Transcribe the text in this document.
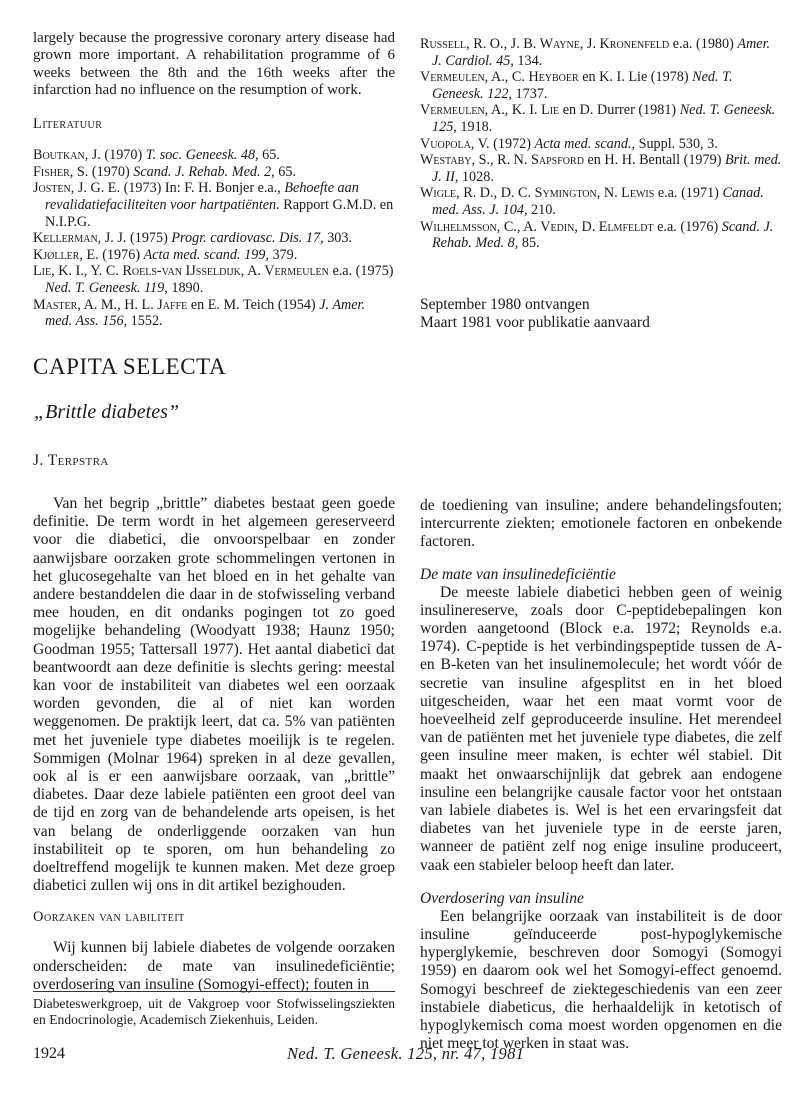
largely because the progressive coronary artery disease had grown more important. A rehabilitation programme of 6 weeks between the 8th and the 16th weeks after the infarction had no influence on the resumption of work.

Literatuur

Boutkan, J. (1970) T. soc. Geneesk. 48, 65.

Fisher, S. (1970) Scand. J. Rehab. Med. 2, 65.

Josten, J. G. E. (1973) In: F. H. Bonjer e.a., Behoefte aan revalidatiefaciliteiten voor hartpatiënten. Rapport G.M.D. en N.I.P.G.

Kellerman, J. J. (1975) Progr. cardiovasc. Dis. 17, 303.

Kjøller, E. (1976) Acta med. scand. 199, 379.

Lie, K. I., Y. C. Roels-van IJsseldijk, A. Vermeulen e.a. (1975) Ned. T. Geneesk. 119, 1890.

Master, A. M., H. L. Jaffe en E. M. Teich (1954) J. Amer. med. Ass. 156, 1552.

Russell, R. O., J. B. Wayne, J. Kronenfeld e.a. (1980) Amer. J. Cardiol. 45, 134.

Vermeulen, A., C. Heyboer en K. I. Lie (1978) Ned. T. Geneesk. 122, 1737.

Vermeulen, A., K. I. Lie en D. Durrer (1981) Ned. T. Geneesk. 125, 1918.

Vuopola, V. (1972) Acta med. scand., Suppl. 530, 3.

Westaby, S., R. N. Sapsford en H. H. Bentall (1979) Brit. med. J. II, 1028.

Wigle, R. D., D. C. Symington, N. Lewis e.a. (1971) Canad. med. Ass. J. 104, 210.

Wilhelmsson, C., A. Vedin, D. Elmfeldt e.a. (1976) Scand. J. Rehab. Med. 8, 85.

September 1980 ontvangen

Maart 1981 voor publikatie aanvaard

CAPITA SELECTA
„Brittle diabetes”
J. Terpstra

Van het begrip „brittle” diabetes bestaat geen goede definitie. De term wordt in het algemeen gereserveerd voor die diabetici, die onvoorspelbaar en zonder aanwijsbare oorzaken grote schommelingen vertonen in het glucosegehalte van het bloed en in het gehalte van andere bestanddelen die daar in de stofwisseling verband mee houden, en dit ondanks pogingen tot zo goed mogelijke behandeling (Woodyatt 1938; Haunz 1950; Goodman 1955; Tattersall 1977). Het aantal diabetici dat beantwoordt aan deze definitie is slechts gering: meestal kan voor de instabiliteit van diabetes wel een oorzaak worden gevonden, die al of niet kan worden weggenomen. De praktijk leert, dat ca. 5% van patiënten met het juveniele type diabetes moeilijk is te regelen. Sommigen (Molnar 1964) spreken in al deze gevallen, ook al is er een aanwijsbare oorzaak, van „brittle” diabetes. Daar deze labiele patiënten een groot deel van de tijd en zorg van de behandelende arts opeisen, is het van belang de onderliggende oorzaken van hun instabiliteit op te sporen, om hun behandeling zo doeltreffend mogelijk te kunnen maken. Met deze groep diabetici zullen wij ons in dit artikel bezighouden.

Oorzaken van labiliteit

Wij kunnen bij labiele diabetes de volgende oorzaken onderscheiden: de mate van insulinedeficiëntie; overdosering van insuline (Somogyi-effect); fouten in

Diabeteswerkgroep, uit de Vakgroep voor Stofwisselingsziekten en Endocrinologie, Academisch Ziekenhuis, Leiden.

de toediening van insuline; andere behandelingsfouten; intercurrente ziekten; emotionele factoren en onbekende factoren.

De mate van insulinedeficiëntie

De meeste labiele diabetici hebben geen of weinig insulinereserve, zoals door C-peptidebepalingen kon worden aangetoond (Block e.a. 1972; Reynolds e.a. 1974). C-peptide is het verbindingspeptide tussen de A- en B-keten van het insulinemolecule; het wordt vóór de secretie van insuline afgesplitst en in het bloed uitgescheiden, waar het een maat vormt voor de hoeveelheid zelf geproduceerde insuline. Het merendeel van de patiënten met het juveniele type diabetes, die zelf geen insuline meer maken, is echter wél stabiel. Dit maakt het onwaarschijnlijk dat gebrek aan endogene insuline een belangrijke causale factor voor het ontstaan van labiele diabetes is. Wel is het een ervaringsfeit dat diabetes van het juveniele type in de eerste jaren, wanneer de patiënt zelf nog enige insuline produceert, vaak een stabieler beloop heeft dan later.

Overdosering van insuline

Een belangrijke oorzaak van instabiliteit is de door insuline geïnduceerde post-hypoglykemische hyperglykemie, beschreven door Somogyi (Somogyi 1959) en daarom ook wel het Somogyi-effect genoemd. Somogyi beschreef de ziektegeschiedenis van een zeer instabiele diabeticus, die herhaaldelijk in ketotisch of hypoglykemisch coma moest worden opgenomen en die niet meer tot werken in staat was.

1924	Ned. T. Geneesk. 125, nr. 47, 1981
